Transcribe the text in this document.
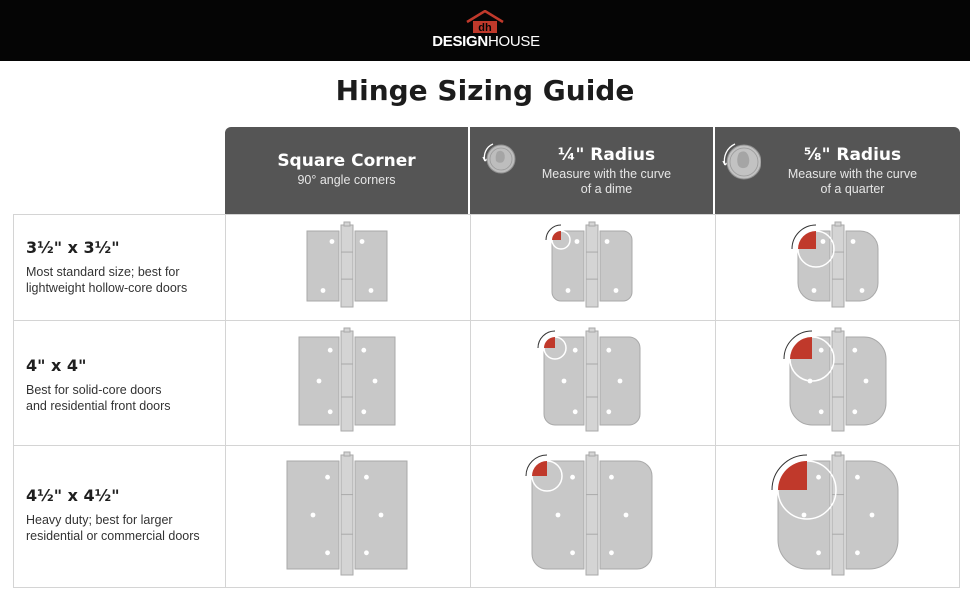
dh
DESIGNHOUSE
Hinge Sizing Guide
Square Corner
90° angle corners
¼" Radius
Measure with the curve
of a dime
⁵⁄₈" Radius
Measure with the curve
of a quarter
3½" x 3½"
Most standard size; best for
lightweight hollow-core doors
4" x 4"
Best for solid-core doors
and residential front doors
4½" x 4½"
Heavy duty; best for larger
residential or commercial doors
